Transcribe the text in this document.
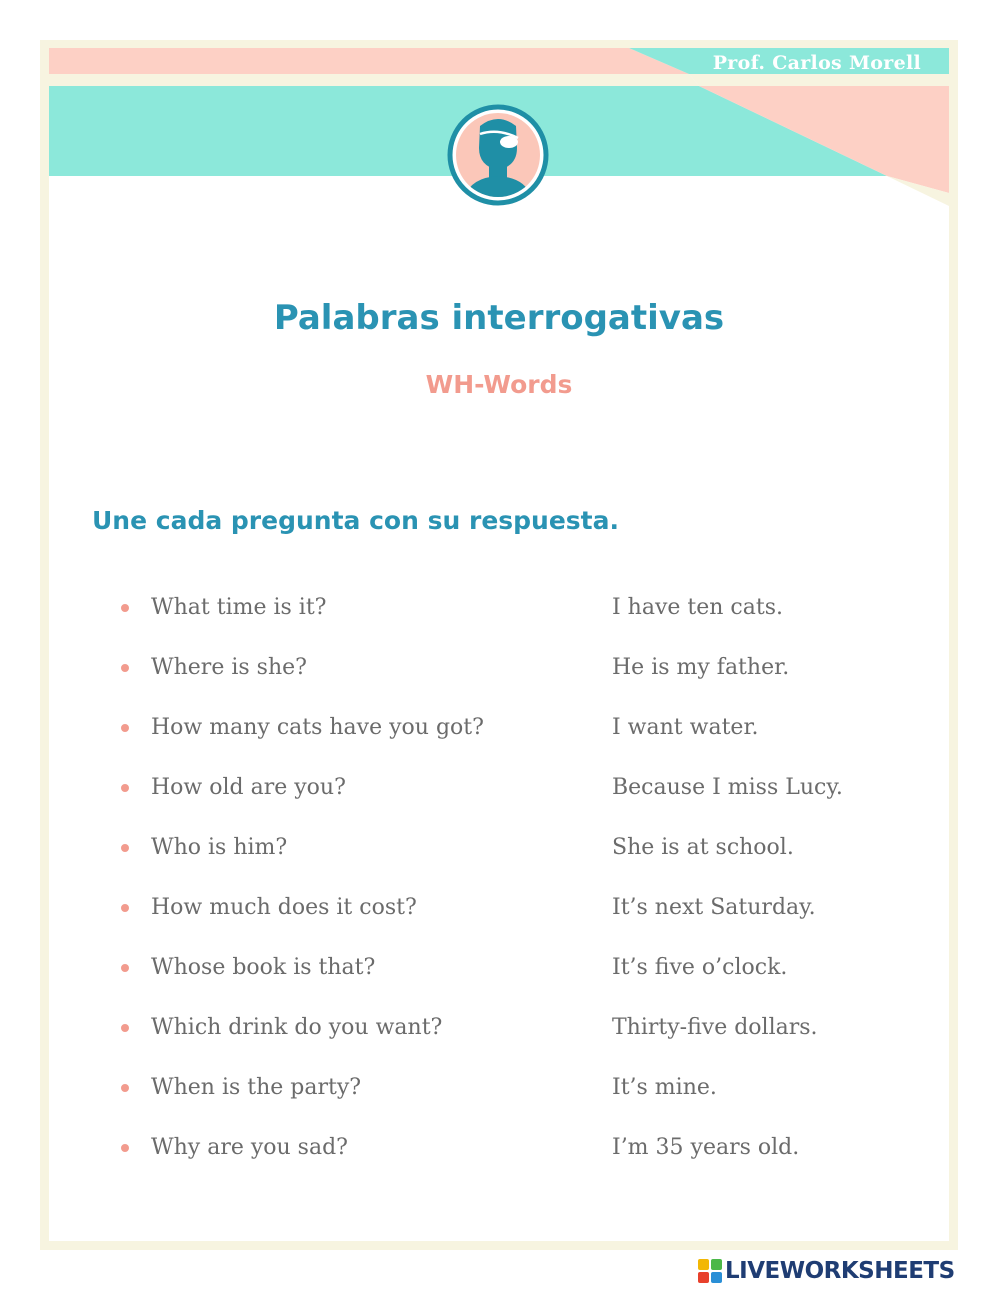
Prof. Carlos Morell
Palabras interrogativas
WH-Words

Une cada pregunta con su respuesta.

What time is it?
Where is she?
How many cats have you got?
How old are you?
Who is him?
How much does it cost?
Whose book is that?
Which drink do you want?
When is the party?
Why are you sad?
I have ten cats.
He is my father.
I want water.
Because I miss Lucy.
She is at school.
It’s next Saturday.
It’s five o’clock.
Thirty-five dollars.
It’s mine.
I’m 35 years old.
LIVEWORKSHEETS
